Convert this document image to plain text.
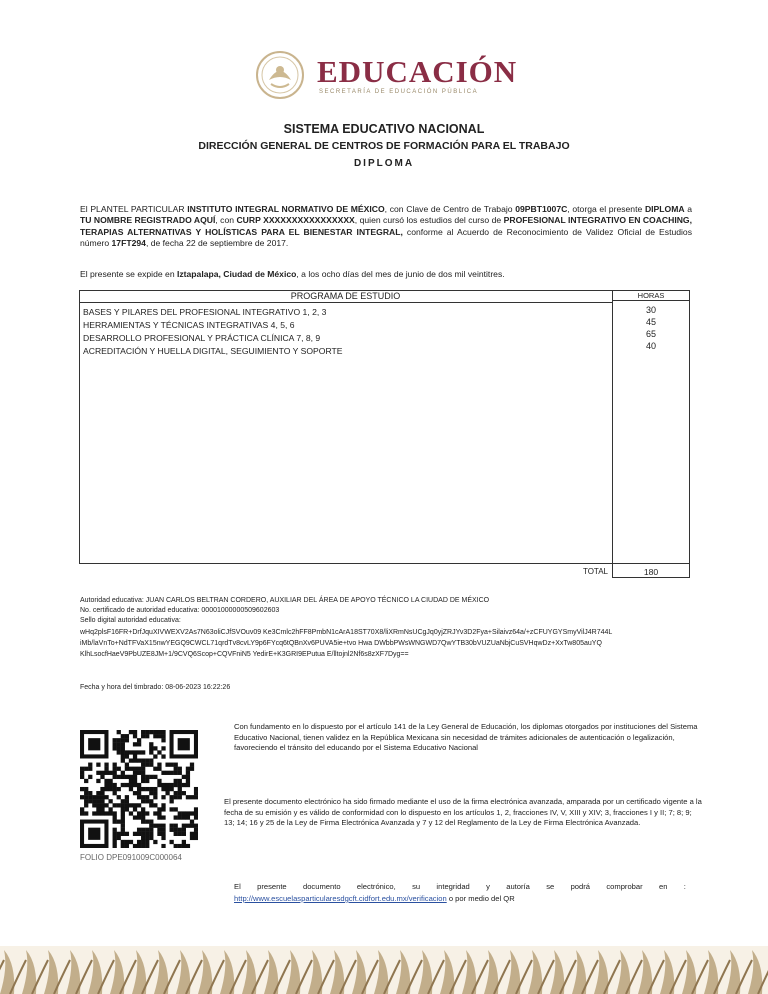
EDUCACIÓN
SECRETARÍA DE EDUCACIÓN PÚBLICA
SISTEMA EDUCATIVO NACIONAL
DIRECCIÓN GENERAL DE CENTROS DE FORMACIÓN PARA EL TRABAJO
DIPLOMA
El PLANTEL PARTICULAR INSTITUTO INTEGRAL NORMATIVO DE MÉXICO, con Clave de Centro de Trabajo 09PBT1007C, otorga el presente DIPLOMA a TU NOMBRE REGISTRADO AQUÍ, con CURP XXXXXXXXXXXXXXXX, quien cursó los estudios del curso de PROFESIONAL INTEGRATIVO EN COACHING, TERAPIAS ALTERNATIVAS Y HOLÍSTICAS PARA EL BIENESTAR INTEGRAL, conforme al Acuerdo de Reconocimiento de Validez Oficial de Estudios número 17FT294, de fecha 22 de septiembre de 2017.
El presente se expide en Iztapalapa, Ciudad de México, a los ocho días del mes de junio de dos mil veintitres.
PROGRAMA DE ESTUDIO	HORAS
BASES Y PILARES DEL PROFESIONAL INTEGRATIVO 1, 2, 3	30
HERRAMIENTAS Y TÉCNICAS INTEGRATIVAS 4, 5, 6	45
DESARROLLO PROFESIONAL Y PRÁCTICA CLÍNICA 7, 8, 9	65
ACREDITACIÓN Y HUELLA DIGITAL, SEGUIMIENTO Y SOPORTE	40
TOTAL	180
Autoridad educativa: JUAN CARLOS BELTRAN CORDERO, AUXILIAR DEL ÁREA DE APOYO TÉCNICO LA CIUDAD DE MÉXICO
No. certificado de autoridad educativa: 00001000000509602603
Sello digital autoridad educativa:
wHq2plsF16FR+DrfJquXIVWEXV2As7N63oliCJfSVOuv09 Ke3Cmlc2hFF8PmbN1cArA18ST70X8/liXRmNsUCgJq0yjZRJYv3D2Fya+Silaivz64a/+zCFUYGYSmyVilJ4R744L
iMb/laVnTo+NdTFVaX15nwYEGQ9CWCL71qrdTv8cvLY9p6FYcq6tQBnXv6PUVA5ie+tvo Hwa DWbbPWsWNGWD7QwYTB30bVUZUaNbjCuSVHqwDz+XxTw805auYQ
KlhLsocfHaeV9PbUZE8JM+1/9CVQ6Scop+CQVFniN5 YedirE+K3GRI9EPutua E/lltojnl2Nf6s8zXF7Dyg==
Fecha y hora del timbrado: 08-06-2023 16:22:26
FOLIO DPE091009C000064
Con fundamento en lo dispuesto por el artículo 141 de la Ley General de Educación, los diplomas otorgados por instituciones del Sistema Educativo Nacional, tienen validez en la República Mexicana sin necesidad de trámites adicionales de autenticación o legalización, favoreciendo el tránsito del educando por el Sistema Educativo Nacional
El presente documento electrónico ha sido firmado mediante el uso de la firma electrónica avanzada, amparada por un certificado vigente a la fecha de su emisión y es válido de conformidad con lo dispuesto en los artículos 1, 2, fracciones IV, V, XIII y XIV; 3, fracciones I y II; 7; 8; 9; 13; 14; 16 y 25 de la Ley de Firma Electrónica Avanzada y 7 y 12 del Reglamento de la Ley de Firma Electrónica Avanzada.
El presente documento electrónico, su integridad y autoría se podrá comprobar en :
http://www.escuelasparticularesdgcft.cidfort.edu.mx/verificacion o por medio del QR
